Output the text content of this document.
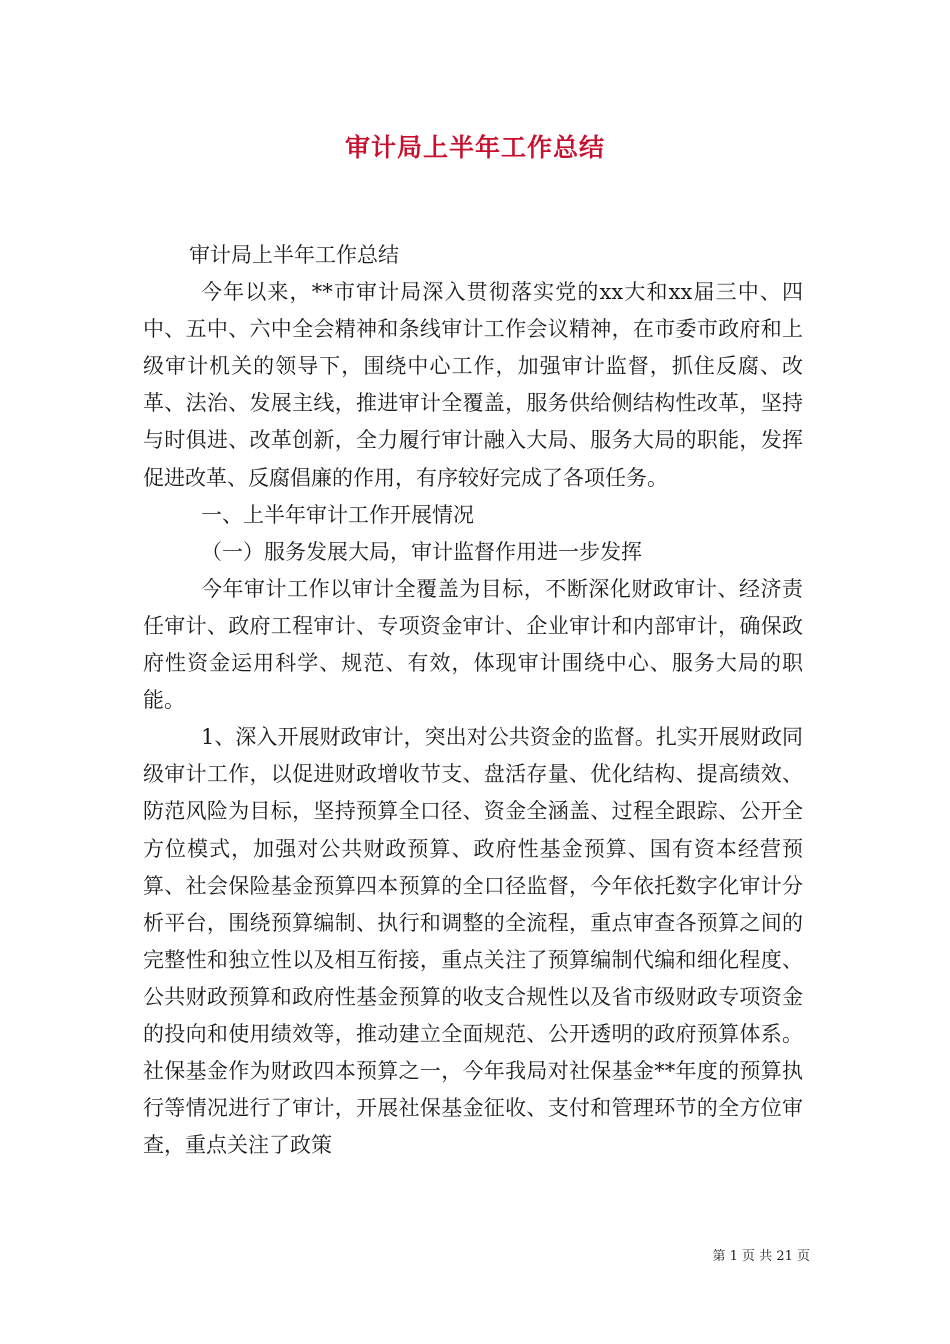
审计局上半年工作总结

审计局上半年工作总结

今年以来，**市审计局深入贯彻落实党的xx大和xx届三中、四中、五中、六中全会精神和条线审计工作会议精神，在市委市政府和上级审计机关的领导下，围绕中心工作，加强审计监督，抓住反腐、改革、法治、发展主线，推进审计全覆盖，服务供给侧结构性改革，坚持与时俱进、改革创新，全力履行审计融入大局、服务大局的职能，发挥促进改革、反腐倡廉的作用，有序较好完成了各项任务。

一、上半年审计工作开展情况

（一）服务发展大局，审计监督作用进一步发挥

今年审计工作以审计全覆盖为目标，不断深化财政审计、经济责任审计、政府工程审计、专项资金审计、企业审计和内部审计，确保政府性资金运用科学、规范、有效，体现审计围绕中心、服务大局的职能。

1、深入开展财政审计，突出对公共资金的监督。扎实开展财政同级审计工作，以促进财政增收节支、盘活存量、优化结构、提高绩效、防范风险为目标，坚持预算全口径、资金全涵盖、过程全跟踪、公开全方位模式，加强对公共财政预算、政府性基金预算、国有资本经营预算、社会保险基金预算四本预算的全口径监督，今年依托数字化审计分析平台，围绕预算编制、执行和调整的全流程，重点审查各预算之间的完整性和独立性以及相互衔接，重点关注了预算编制代编和细化程度、公共财政预算和政府性基金预算的收支合规性以及省市级财政专项资金的投向和使用绩效等，推动建立全面规范、公开透明的政府预算体系。社保基金作为财政四本预算之一，今年我局对社保基金**年度的预算执行等情况进行了审计，开展社保基金征收、支付和管理环节的全方位审查，重点关注了政策

第 1 页 共 21 页
